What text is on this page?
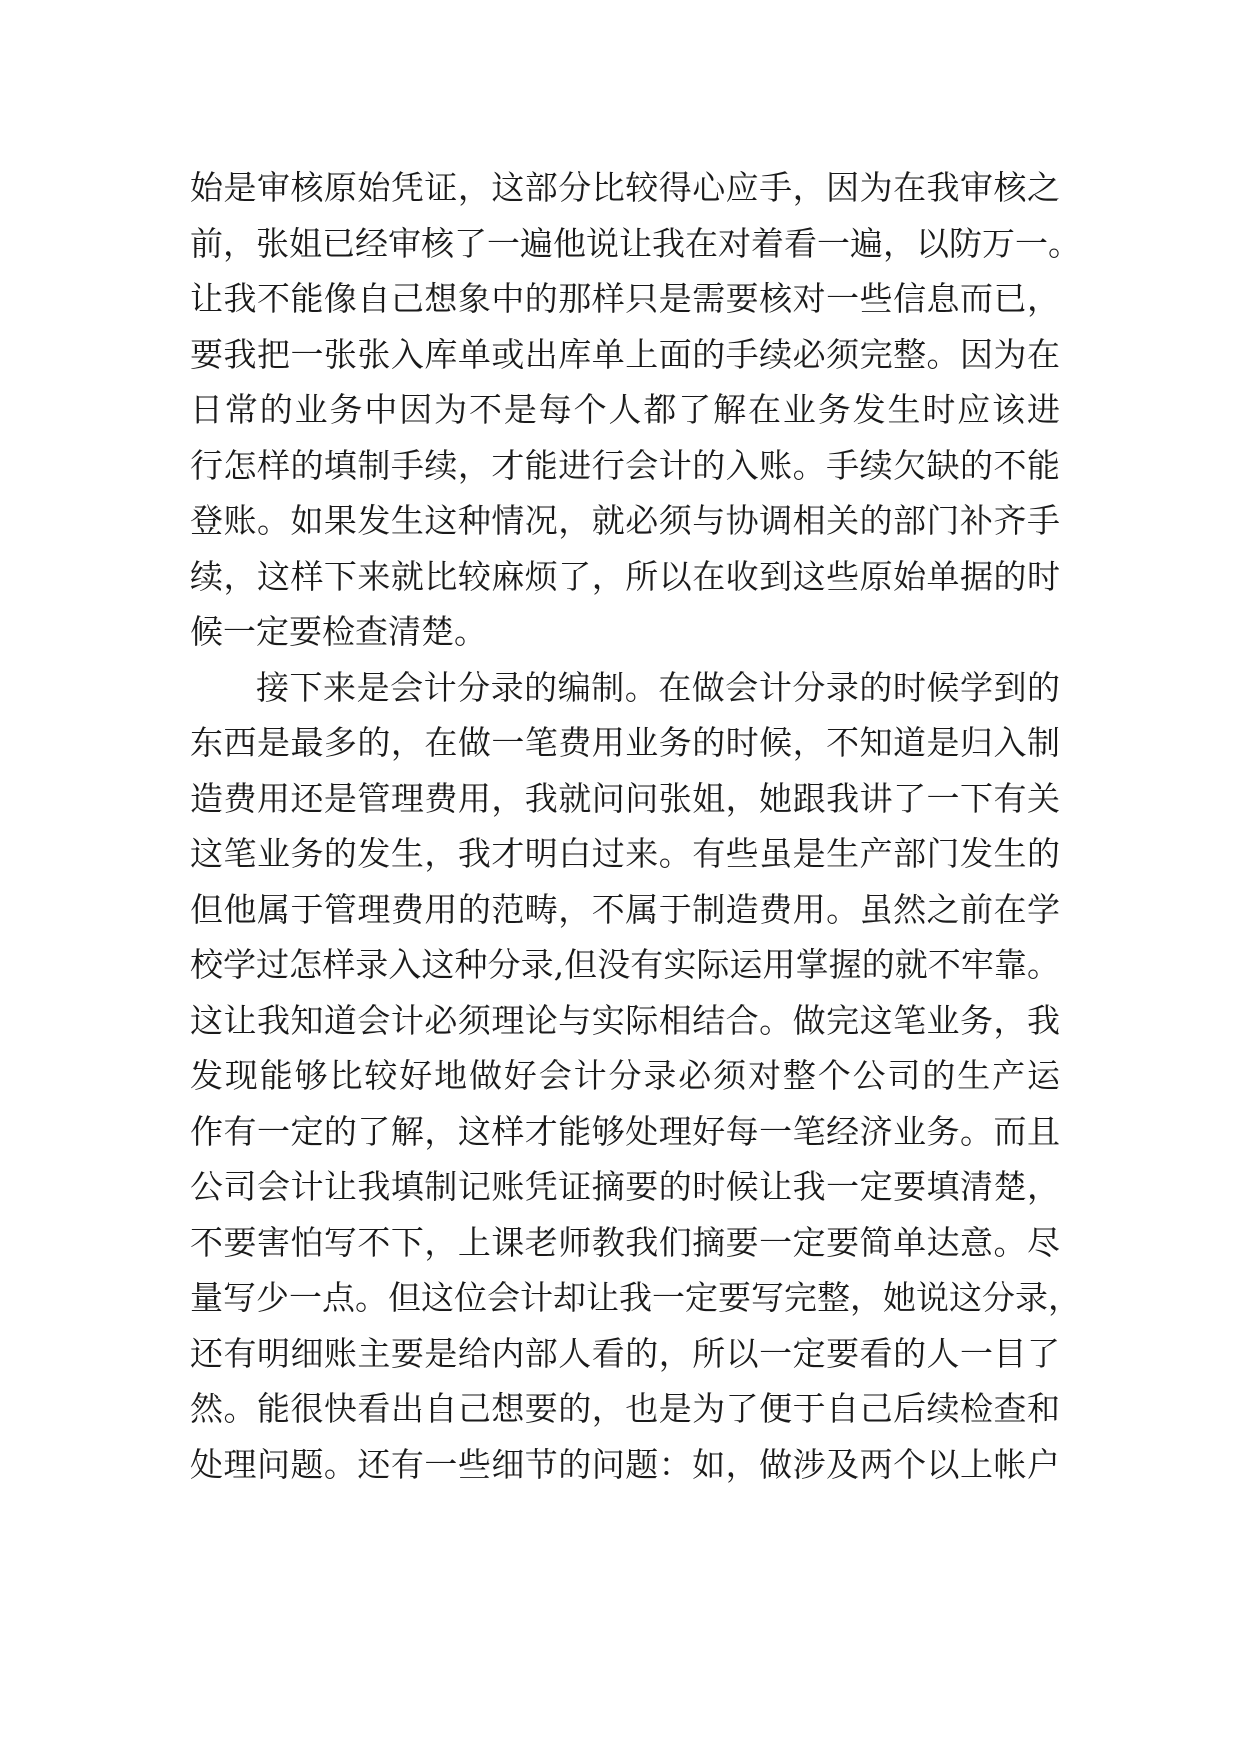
始是审核原始凭证，这部分比较得心应手，因为在我审核之
前，张姐已经审核了一遍他说让我在对着看一遍，以防万一。
让我不能像自己想象中的那样只是需要核对一些信息而已，
要我把一张张入库单或出库单上面的手续必须完整。因为在
日常的业务中因为不是每个人都了解在业务发生时应该进
行怎样的填制手续，才能进行会计的入账。手续欠缺的不能
登账。如果发生这种情况，就必须与协调相关的部门补齐手
续，这样下来就比较麻烦了，所以在收到这些原始单据的时
候一定要检查清楚。
接下来是会计分录的编制。在做会计分录的时候学到的
东西是最多的，在做一笔费用业务的时候，不知道是归入制
造费用还是管理费用，我就问问张姐，她跟我讲了一下有关
这笔业务的发生，我才明白过来。有些虽是生产部门发生的
但他属于管理费用的范畴，不属于制造费用。虽然之前在学
校学过怎样录入这种分录,但没有实际运用掌握的就不牢靠。
这让我知道会计必须理论与实际相结合。做完这笔业务，我
发现能够比较好地做好会计分录必须对整个公司的生产运
作有一定的了解，这样才能够处理好每一笔经济业务。而且
公司会计让我填制记账凭证摘要的时候让我一定要填清楚，
不要害怕写不下，上课老师教我们摘要一定要简单达意。尽
量写少一点。但这位会计却让我一定要写完整，她说这分录，
还有明细账主要是给内部人看的，所以一定要看的人一目了
然。能很快看出自己想要的，也是为了便于自己后续检查和
处理问题。还有一些细节的问题：如，做涉及两个以上帐户
